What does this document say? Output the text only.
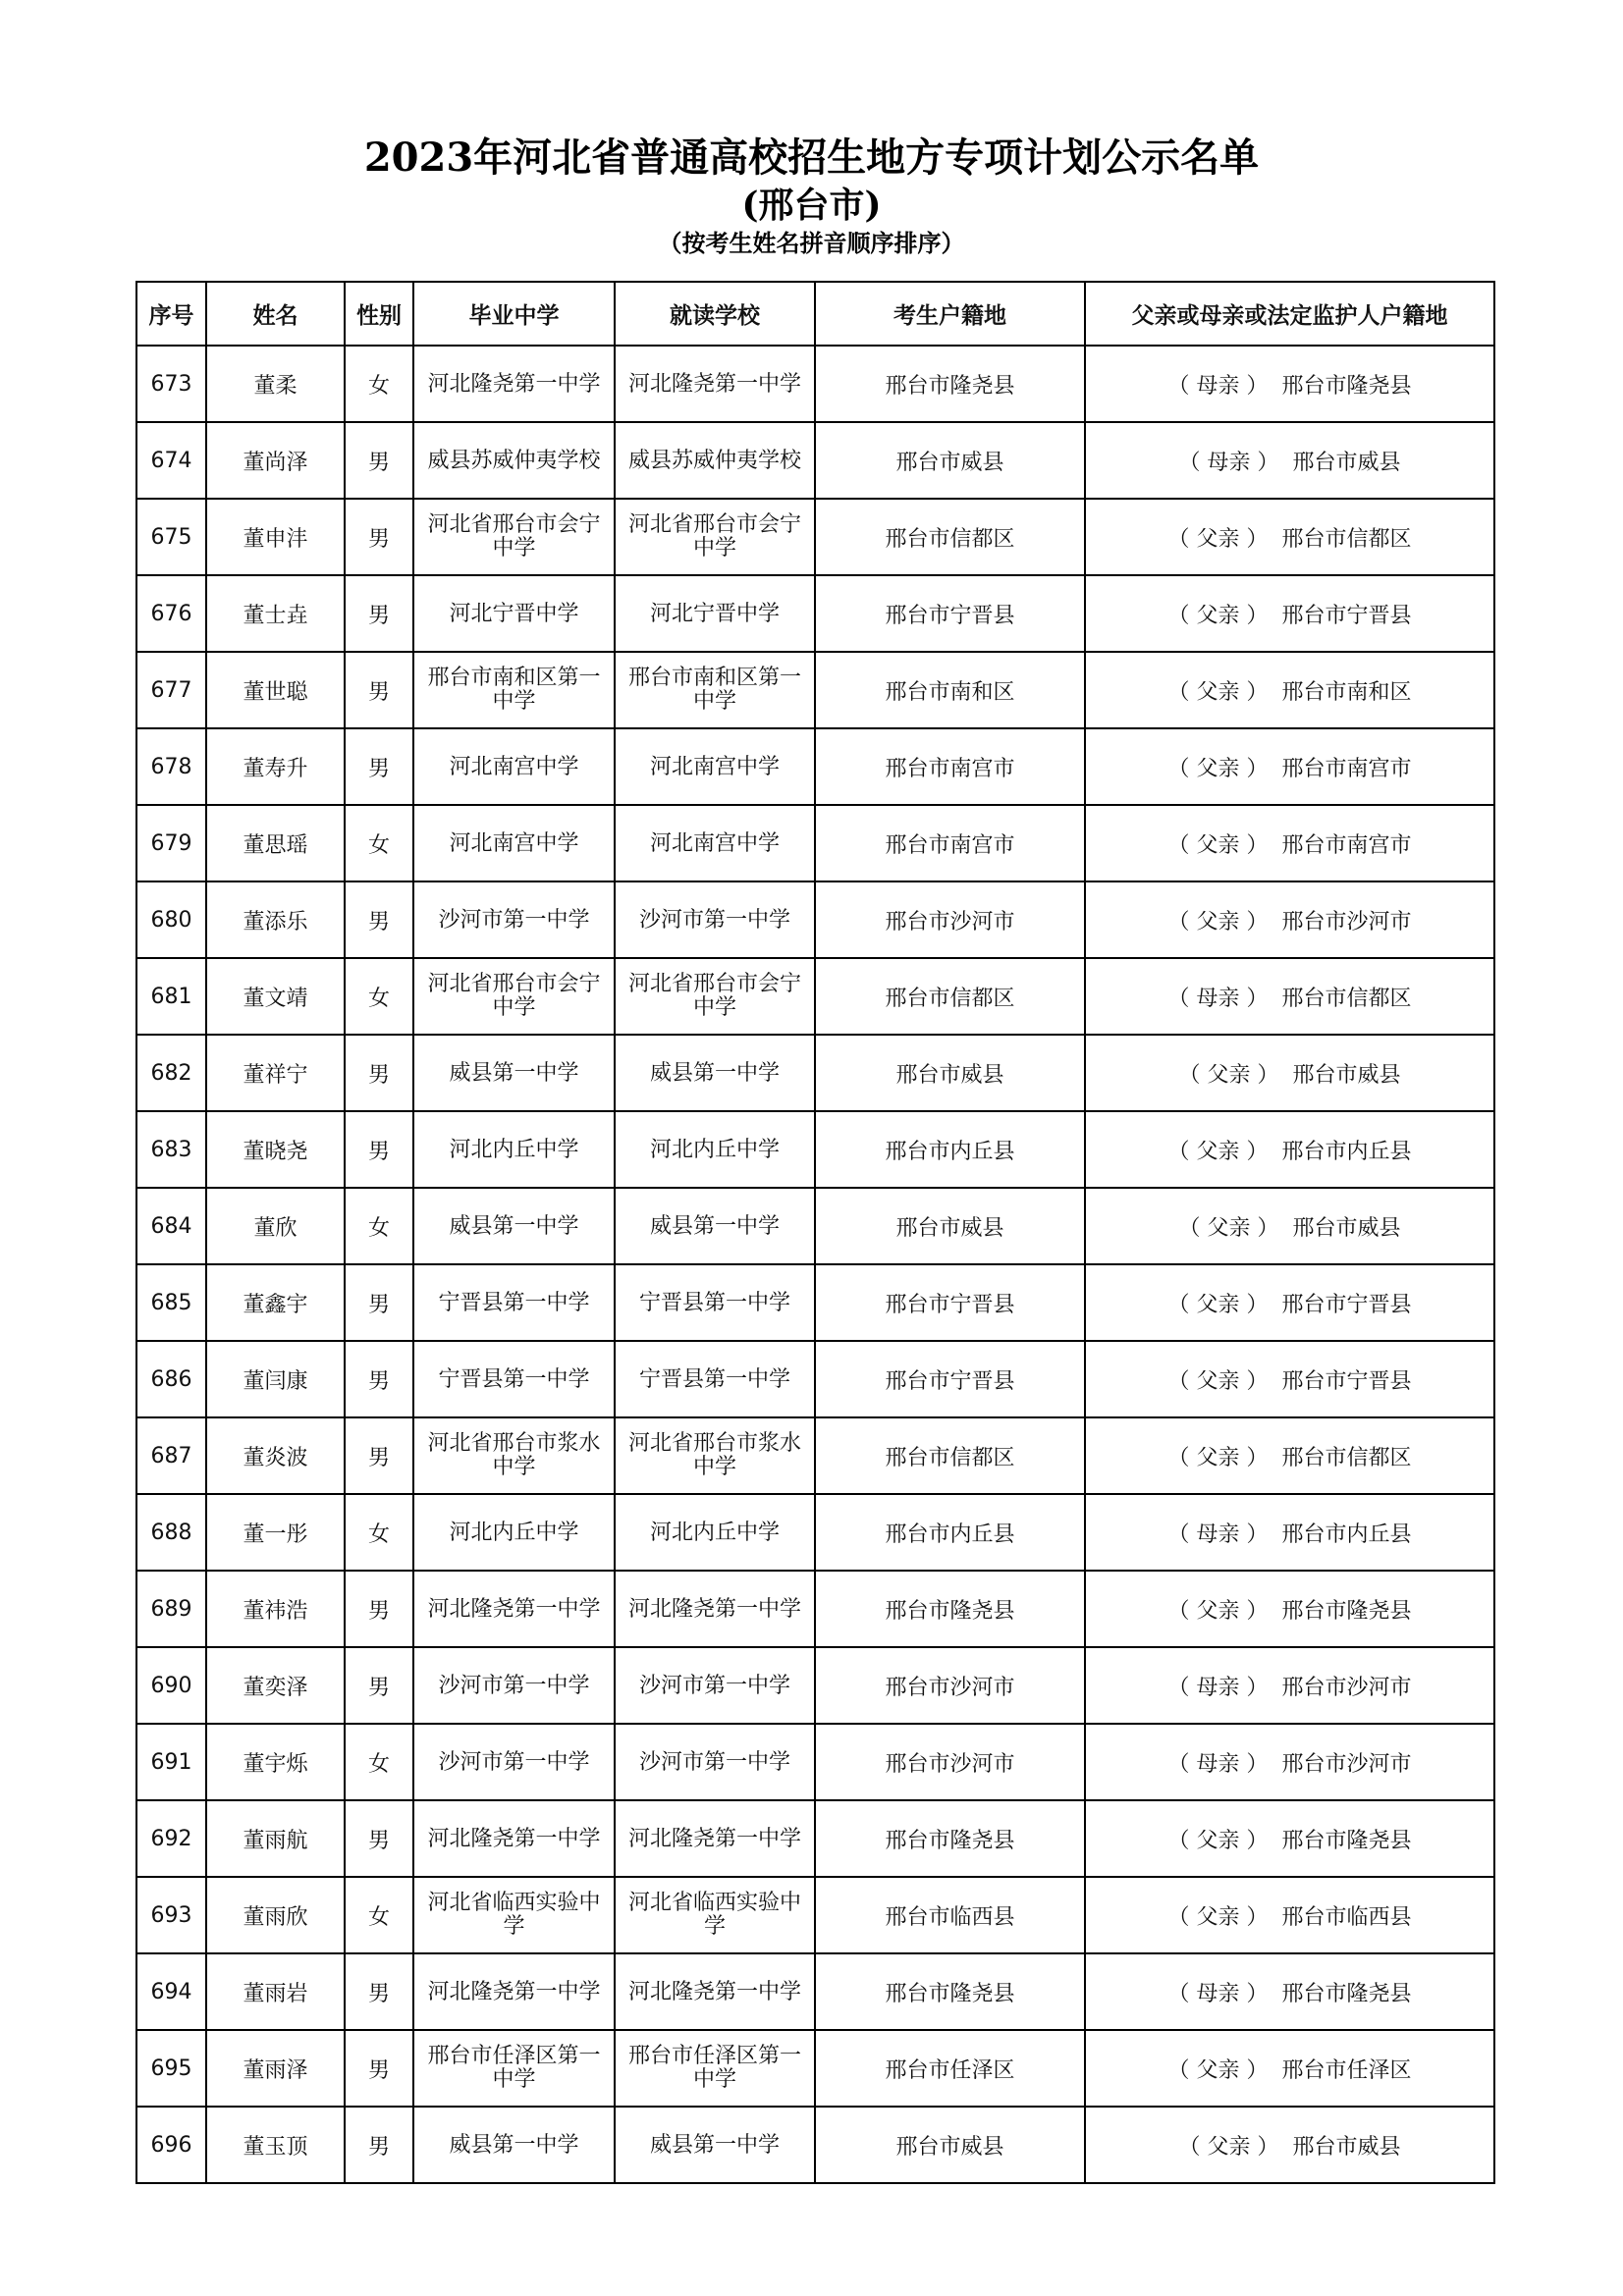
2023年河北省普通高校招生地方专项计划公示名单
(邢台市)
（按考生姓名拼音顺序排序）
序号	姓名	性别	毕业中学	就读学校	考生户籍地	父亲或母亲或法定监护人户籍地
673	董柔	女	河北隆尧第一中学	河北隆尧第一中学	邢台市隆尧县	（ 母亲 ） 邢台市隆尧县
674	董尚泽	男	威县苏威仲夷学校	威县苏威仲夷学校	邢台市威县	（ 母亲 ） 邢台市威县
675	董申沣	男	河北省邢台市会宁中学	河北省邢台市会宁中学	邢台市信都区	（ 父亲 ） 邢台市信都区
676	董士垚	男	河北宁晋中学	河北宁晋中学	邢台市宁晋县	（ 父亲 ） 邢台市宁晋县
677	董世聪	男	邢台市南和区第一中学	邢台市南和区第一中学	邢台市南和区	（ 父亲 ） 邢台市南和区
678	董寿升	男	河北南宫中学	河北南宫中学	邢台市南宫市	（ 父亲 ） 邢台市南宫市
679	董思瑶	女	河北南宫中学	河北南宫中学	邢台市南宫市	（ 父亲 ） 邢台市南宫市
680	董添乐	男	沙河市第一中学	沙河市第一中学	邢台市沙河市	（ 父亲 ） 邢台市沙河市
681	董文靖	女	河北省邢台市会宁中学	河北省邢台市会宁中学	邢台市信都区	（ 母亲 ） 邢台市信都区
682	董祥宁	男	威县第一中学	威县第一中学	邢台市威县	（ 父亲 ） 邢台市威县
683	董晓尧	男	河北内丘中学	河北内丘中学	邢台市内丘县	（ 父亲 ） 邢台市内丘县
684	董欣	女	威县第一中学	威县第一中学	邢台市威县	（ 父亲 ） 邢台市威县
685	董鑫宇	男	宁晋县第一中学	宁晋县第一中学	邢台市宁晋县	（ 父亲 ） 邢台市宁晋县
686	董闫康	男	宁晋县第一中学	宁晋县第一中学	邢台市宁晋县	（ 父亲 ） 邢台市宁晋县
687	董炎波	男	河北省邢台市浆水中学	河北省邢台市浆水中学	邢台市信都区	（ 父亲 ） 邢台市信都区
688	董一彤	女	河北内丘中学	河北内丘中学	邢台市内丘县	（ 母亲 ） 邢台市内丘县
689	董祎浩	男	河北隆尧第一中学	河北隆尧第一中学	邢台市隆尧县	（ 父亲 ） 邢台市隆尧县
690	董奕泽	男	沙河市第一中学	沙河市第一中学	邢台市沙河市	（ 母亲 ） 邢台市沙河市
691	董宇烁	女	沙河市第一中学	沙河市第一中学	邢台市沙河市	（ 母亲 ） 邢台市沙河市
692	董雨航	男	河北隆尧第一中学	河北隆尧第一中学	邢台市隆尧县	（ 父亲 ） 邢台市隆尧县
693	董雨欣	女	河北省临西实验中学	河北省临西实验中学	邢台市临西县	（ 父亲 ） 邢台市临西县
694	董雨岩	男	河北隆尧第一中学	河北隆尧第一中学	邢台市隆尧县	（ 母亲 ） 邢台市隆尧县
695	董雨泽	男	邢台市任泽区第一中学	邢台市任泽区第一中学	邢台市任泽区	（ 父亲 ） 邢台市任泽区
696	董玉顶	男	威县第一中学	威县第一中学	邢台市威县	（ 父亲 ） 邢台市威县
